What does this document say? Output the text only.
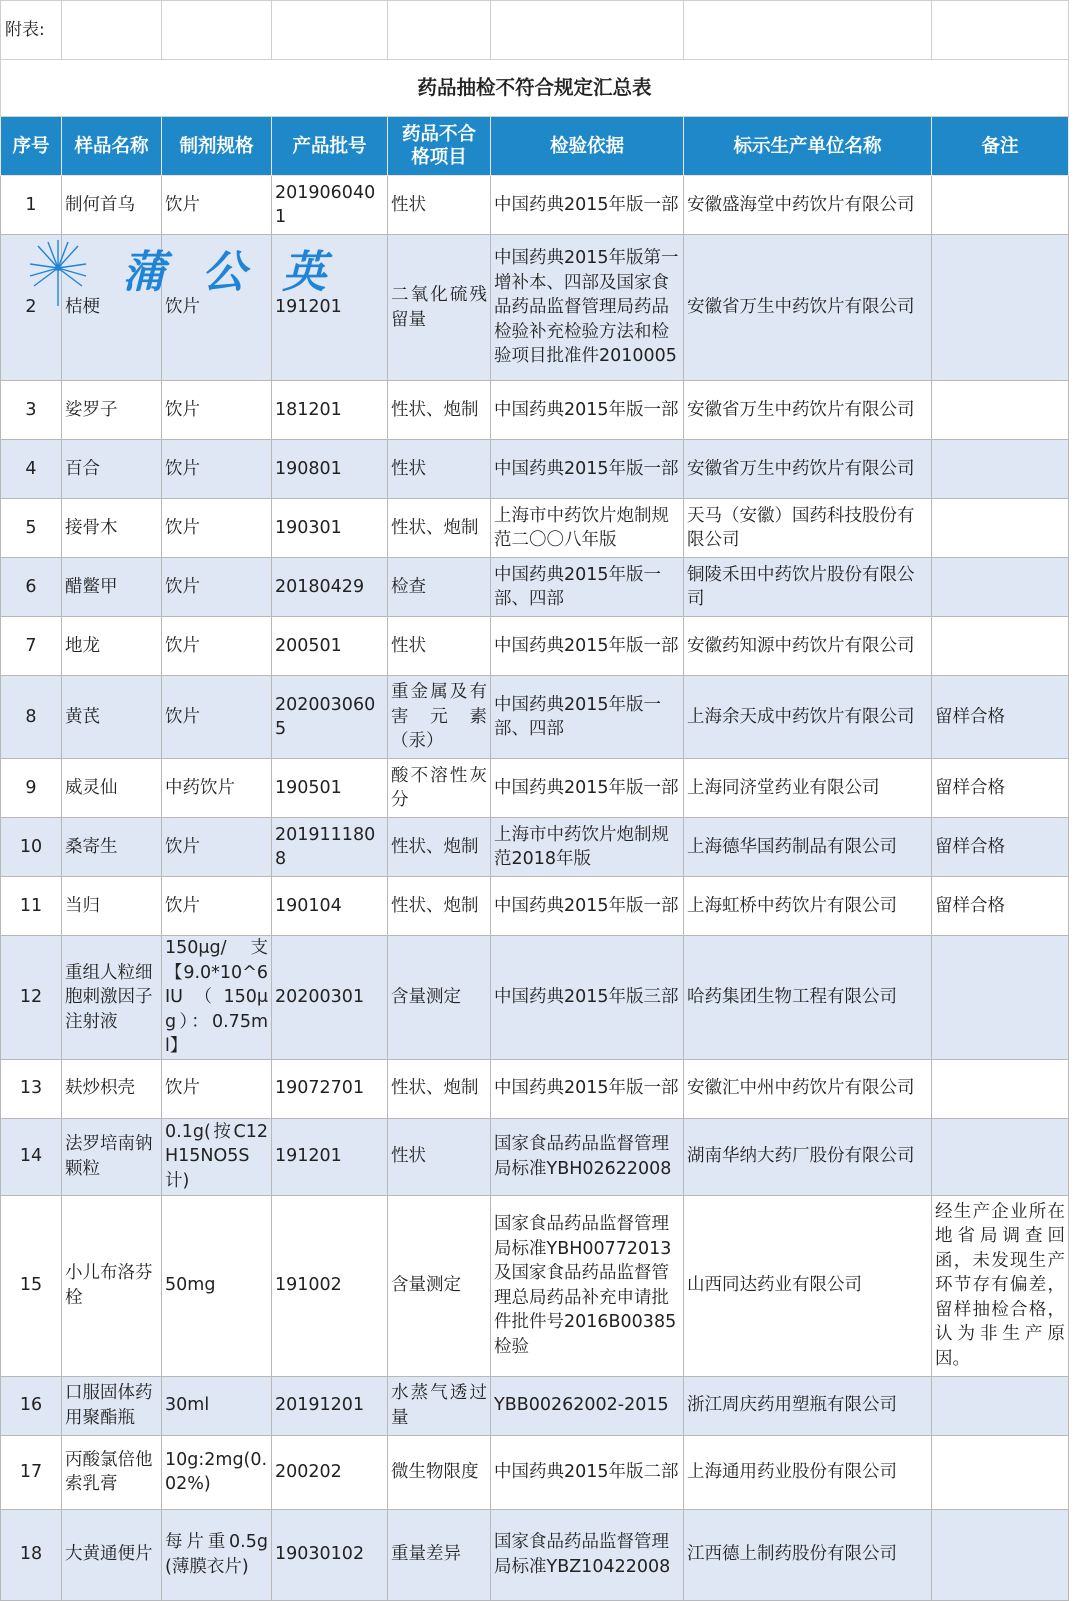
附表:							
药品抽检不符合规定汇总表							
序号	样品名称	制剂规格	产品批号	药品不合格项目	检验依据	标示生产单位名称	备注
1	制何首乌	饮片	2019060401	性状	中国药典2015年版一部	安徽盛海堂中药饮片有限公司	
2	桔梗	饮片	191201	二氧化硫残留量	中国药典2015年版第一增补本、四部及国家食品药品监督管理局药品检验补充检验方法和检验项目批准件2010005	安徽省万生中药饮片有限公司	
3	娑罗子	饮片	181201	性状、炮制	中国药典2015年版一部	安徽省万生中药饮片有限公司	
4	百合	饮片	190801	性状	中国药典2015年版一部	安徽省万生中药饮片有限公司	
5	接骨木	饮片	190301	性状、炮制	上海市中药饮片炮制规范二〇〇八年版	天马（安徽）国药科技股份有限公司	
6	醋鳖甲	饮片	20180429	检查	中国药典2015年版一部、四部	铜陵禾田中药饮片股份有限公司	
7	地龙	饮片	200501	性状	中国药典2015年版一部	安徽药知源中药饮片有限公司	
8	黄芪	饮片	2020030605	重金属及有害元素（汞）	中国药典2015年版一部、四部	上海余天成中药饮片有限公司	留样合格
9	威灵仙	中药饮片	190501	酸不溶性灰分	中国药典2015年版一部	上海同济堂药业有限公司	留样合格
10	桑寄生	饮片	2019111808	性状、炮制	上海市中药饮片炮制规范2018年版	上海德华国药制品有限公司	留样合格
11	当归	饮片	190104	性状、炮制	中国药典2015年版一部	上海虹桥中药饮片有限公司	留样合格
12	重组人粒细胞刺激因子注射液	150μg/支【9.0*10^6IU（150μg）：0.75ml】	20200301	含量测定	中国药典2015年版三部	哈药集团生物工程有限公司	
13	麸炒枳壳	饮片	19072701	性状、炮制	中国药典2015年版一部	安徽汇中州中药饮片有限公司	
14	法罗培南钠颗粒	0.1g(按C12H15NO5S计)	191201	性状	国家食品药品监督管理局标准YBH02622008	湖南华纳大药厂股份有限公司	
15	小儿布洛芬栓	50mg	191002	含量测定	国家食品药品监督管理局标准YBH00772013及国家食品药品监督管理总局药品补充申请批件批件号2016B00385检验	山西同达药业有限公司	经生产企业所在地省局调查回函，未发现生产环节存有偏差，留样抽检合格，认为非生产原因。
16	口服固体药用聚酯瓶	30ml	20191201	水蒸气透过量	YBB00262002-2015	浙江周庆药用塑瓶有限公司	
17	丙酸氯倍他索乳膏	10g:2mg(0.02%)	200202	微生物限度	中国药典2015年版二部	上海通用药业股份有限公司	
18	大黄通便片	每片重0.5g(薄膜衣片)	19030102	重量差异	国家食品药品监督管理局标准YBZ10422008	江西德上制药股份有限公司	
蒲公英
